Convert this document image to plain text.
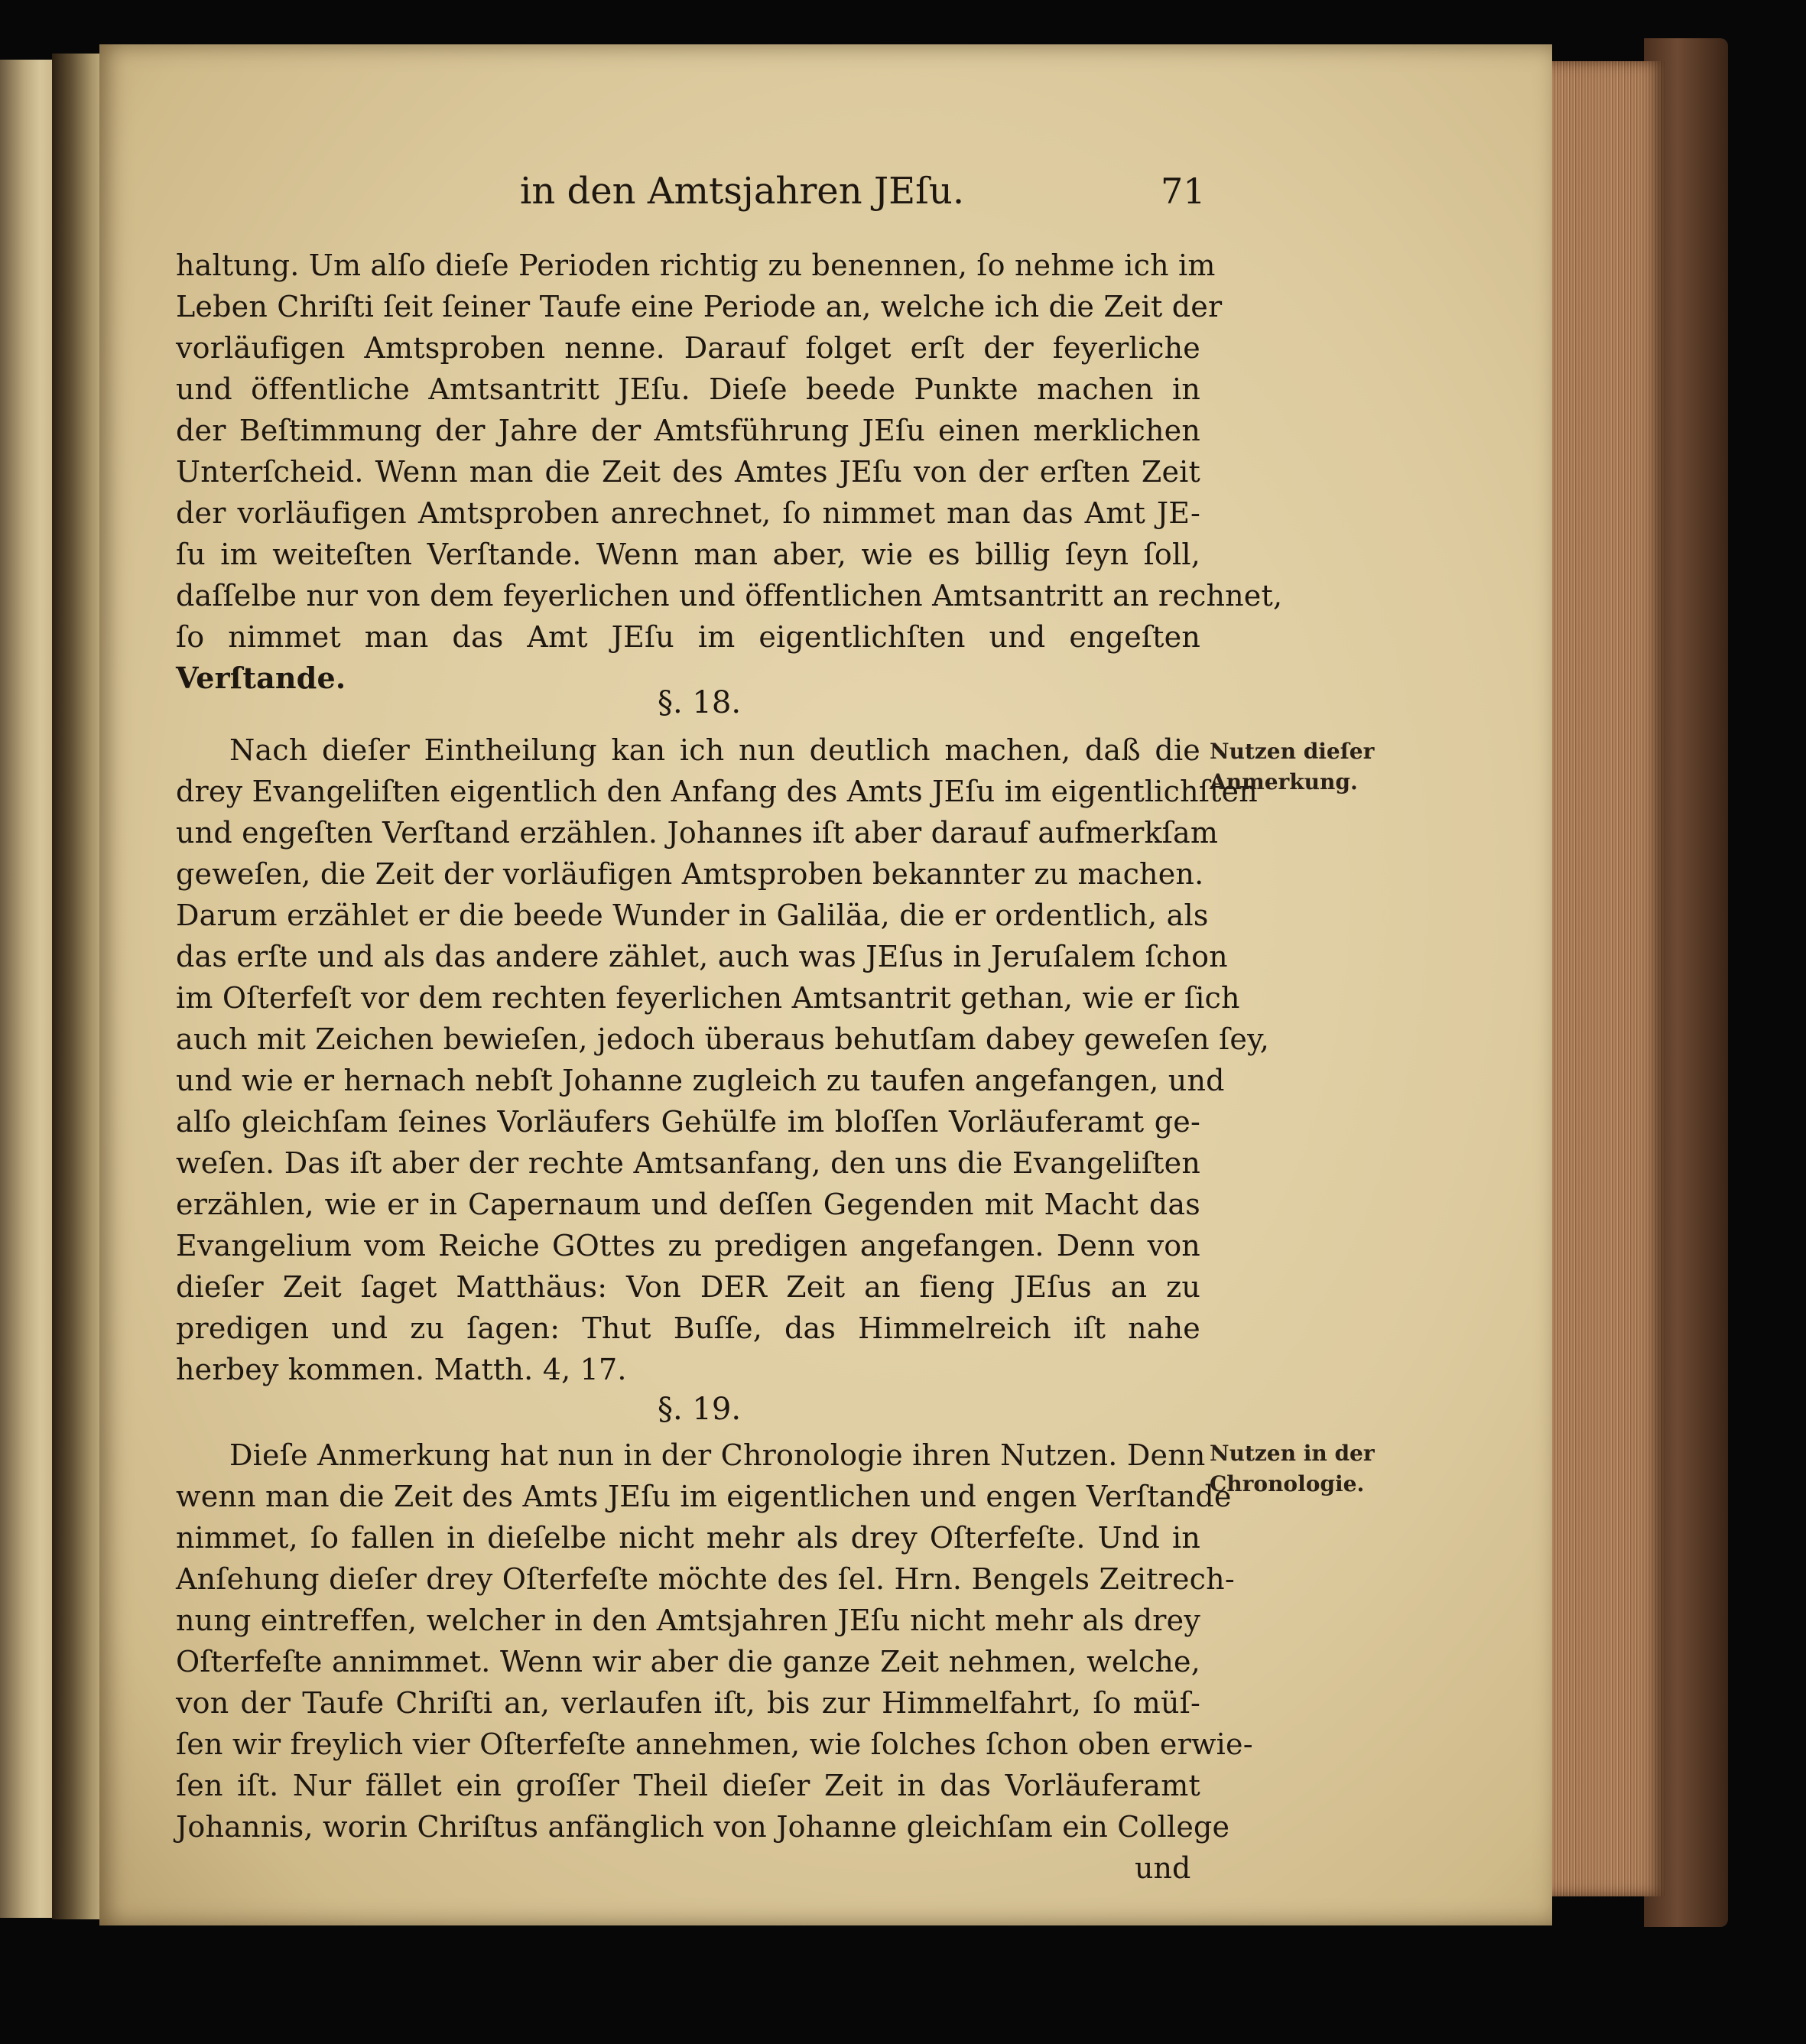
in den Amtsjahren JEſu.	71

haltung. Um alſo dieſe Perioden richtig zu benennen, ſo nehme ich im

Leben Chriſti ſeit ſeiner Taufe eine Periode an, welche ich die Zeit der

vorläufigen Amtsproben nenne. Darauf folget erſt der feyerliche

und öffentliche Amtsantritt JEſu. Dieſe beede Punkte machen in

der Beſtimmung der Jahre der Amtsführung JEſu einen merklichen

Unterſcheid. Wenn man die Zeit des Amtes JEſu von der erſten Zeit

der vorläufigen Amtsproben anrechnet, ſo nimmet man das Amt JE-

ſu im weiteſten Verſtande. Wenn man aber, wie es billig ſeyn ſoll,

daſſelbe nur von dem feyerlichen und öffentlichen Amtsantritt an rechnet,

ſo nimmet man das Amt JEſu im eigentlichſten und engeſten

Verſtande.

§. 18.

Nach dieſer Eintheilung kan ich nun deutlich machen, daß die

drey Evangeliſten eigentlich den Anfang des Amts JEſu im eigentlichſten

und engeſten Verſtand erzählen. Johannes iſt aber darauf aufmerkſam

geweſen, die Zeit der vorläufigen Amtsproben bekannter zu machen.

Darum erzählet er die beede Wunder in Galiläa, die er ordentlich, als

das erſte und als das andere zählet, auch was JEſus in Jeruſalem ſchon

im Oſterfeſt vor dem rechten feyerlichen Amtsantrit gethan, wie er ſich

auch mit Zeichen bewieſen, jedoch überaus behutſam dabey geweſen ſey,

und wie er hernach nebſt Johanne zugleich zu taufen angefangen, und

alſo gleichſam ſeines Vorläufers Gehülfe im bloſſen Vorläuferamt ge-

weſen. Das iſt aber der rechte Amtsanfang, den uns die Evangeliſten

erzählen, wie er in Capernaum und deſſen Gegenden mit Macht das

Evangelium vom Reiche GOttes zu predigen angefangen. Denn von

dieſer Zeit ſaget Matthäus: Von DER Zeit an fieng JEſus an zu

predigen und zu ſagen: Thut Buſſe, das Himmelreich iſt nahe

herbey kommen. Matth. 4, 17.

Nutzen dieſer

Anmerkung.

§. 19.

Dieſe Anmerkung hat nun in der Chronologie ihren Nutzen. Denn

wenn man die Zeit des Amts JEſu im eigentlichen und engen Verſtande

nimmet, ſo fallen in dieſelbe nicht mehr als drey Oſterfeſte. Und in

Anſehung dieſer drey Oſterfeſte möchte des ſel. Hrn. Bengels Zeitrech-

nung eintreffen, welcher in den Amtsjahren JEſu nicht mehr als drey

Oſterfeſte annimmet. Wenn wir aber die ganze Zeit nehmen, welche,

von der Taufe Chriſti an, verlaufen iſt, bis zur Himmelfahrt, ſo müſ-

ſen wir freylich vier Oſterfeſte annehmen, wie ſolches ſchon oben erwie-

ſen iſt. Nur fället ein groſſer Theil dieſer Zeit in das Vorläuferamt

Johannis, worin Chriſtus anfänglich von Johanne gleichſam ein College

Nutzen in der

Chronologie.

und
